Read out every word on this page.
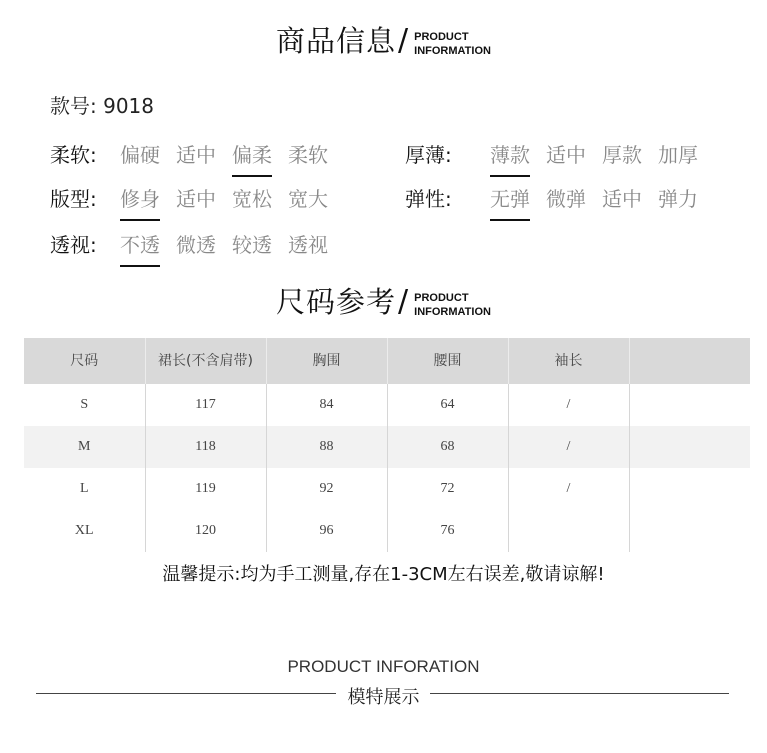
商品信息 / PRODUCT
INFORMATION
款号: 9018
柔软:	偏硬 适中 偏柔 柔软	厚薄:	薄款 适中 厚款 加厚
版型:	修身 适中 宽松 宽大	弹性:	无弹 微弹 适中 弹力
透视:	不透 微透 较透 透视
尺码参考 / PRODUCT
INFORMATION
尺码	裙长(不含肩带)	胸围	腰围	袖长	
S	117	84	64	/	
M	118	88	68	/	
L	119	92	72	/	
XL	120	96	76		
温馨提示:均为手工测量,存在1-3CM左右误差,敬请谅解!
PRODUCT INFORATION
模特展示
